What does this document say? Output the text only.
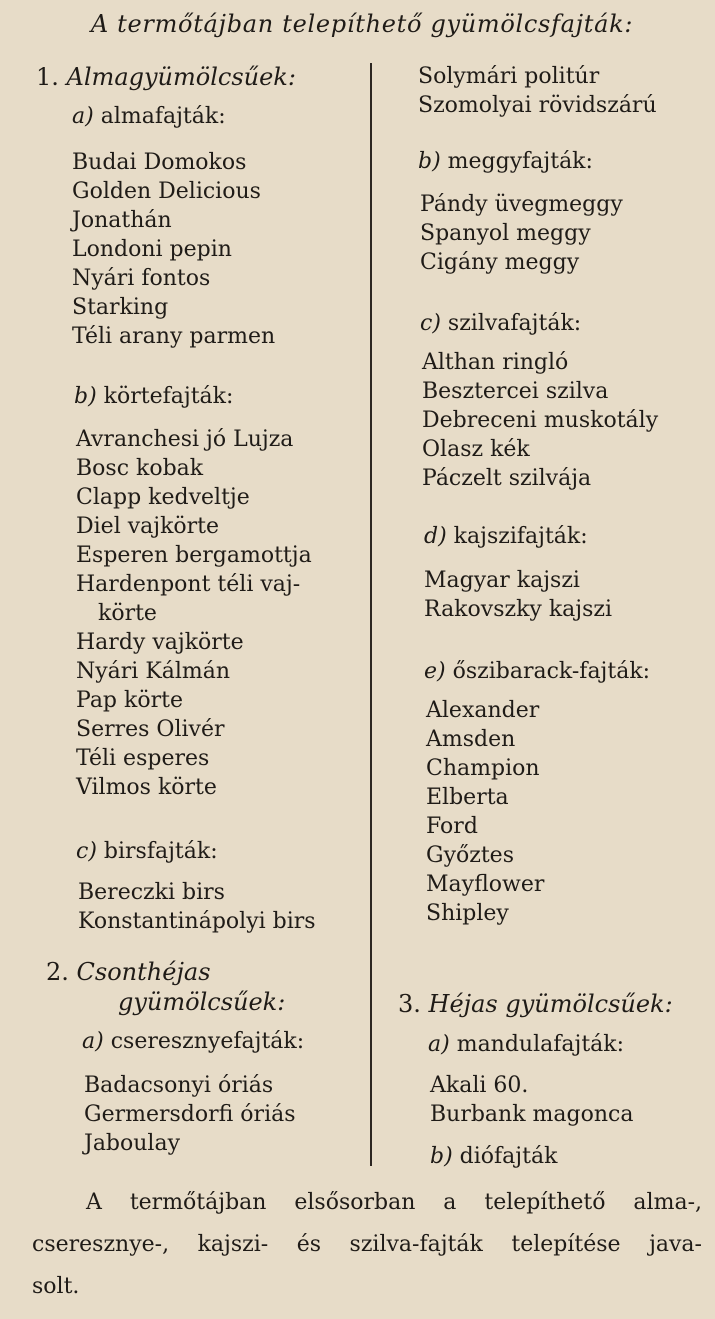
A termőtájban telepíthető gyümölcsfajták:
1. Almagyümölcsűek:
a) almafajták:
Budai Domokos
Golden Delicious
Jonathán
Londoni pepin
Nyári fontos
Starking
Téli arany parmen
b) körtefajták:
Avranchesi jó Lujza
Bosc kobak
Clapp kedveltje
Diel vajkörte
Esperen bergamottja
Hardenpont téli vaj-
körte
Hardy vajkörte
Nyári Kálmán
Pap körte
Serres Olivér
Téli esperes
Vilmos körte
c) birsfajták:
Bereczki birs
Konstantinápolyi birs
2. Csonthéjas
gyümölcsűek:
a) cseresznyefajták:
Badacsonyi óriás
Germersdorfi óriás
Jaboulay
Solymári politúr
Szomolyai rövidszárú
b) meggyfajták:
Pándy üvegmeggy
Spanyol meggy
Cigány meggy
c) szilvafajták:
Althan ringló
Besztercei szilva
Debreceni muskotály
Olasz kék
Páczelt szilvája
d) kajszifajták:
Magyar kajszi
Rakovszky kajszi
e) őszibarack-fajták:
Alexander
Amsden
Champion
Elberta
Ford
Győztes
Mayflower
Shipley
3. Héjas gyümölcsűek:
a) mandulafajták:
Akali 60.
Burbank magonca
b) diófajták
A termőtájban elsősorban a telepíthető alma-,
cseresznye-, kajszi- és szilva-fajták telepítése java-
solt.
